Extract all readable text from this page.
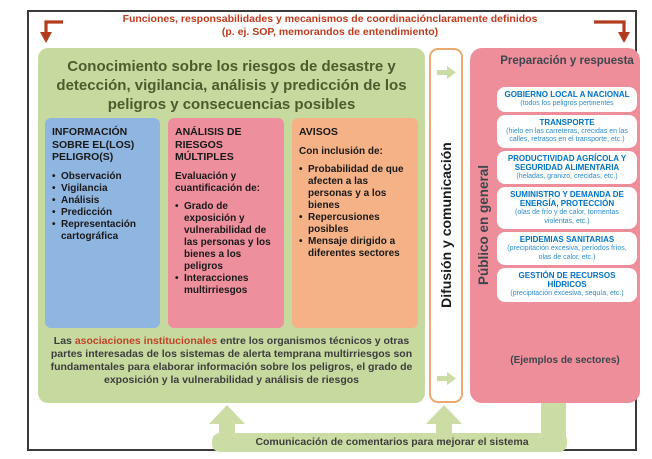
Funciones, responsabilidades y mecanismos de coordinaciónclaramente definidos
(p. ej. SOP, memorandos de entendimiento)
Conocimiento sobre los riesgos de desastre y detección, vigilancia, análisis y predicción de los peligros y consecuencias posibles
INFORMACIÓN SOBRE EL(LOS) PELIGRO(S)
• Observación
• Vigilancia
• Análisis
• Predicción
• Representación cartográfica
ANÁLISIS DE RIESGOS MÚLTIPLES
Evaluación y cuantificación de:
• Grado de exposición y vulnerabilidad de las personas y los bienes a los peligros
• Interacciones multirriesgos
AVISOS
Con inclusión de:
• Probabilidad de que afecten a las personas y a los bienes
• Repercusiones posibles
• Mensaje dirigido a diferentes sectores
Las asociaciones institucionales entre los organismos técnicos y otras partes interesadas de los sistemas de alerta temprana multirriesgos son fundamentales para elaborar información sobre los peligros, el grado de exposición y la vulnerabilidad y análisis de riesgos
Difusión y comunicación
Preparación y respuesta
GOBIERNO LOCAL A NACIONAL
(todos los peligros pertinentes
TRANSPORTE
(hielo en las carreteras, crecidas en las calles, retrasos en el transporte, etc.)
PRODUCTIVIDAD AGRÍCOLA Y SEGURIDAD ALIMENTARIA
(heladas, granizo, crecidas, etc.)
SUMINISTRO Y DEMANDA DE ENERGÍA, PROTECCIÓN
(olas de frío y de calor, tormentas violentas, etc.)
EPIDEMIAS SANITARIAS
(precipitación excesiva, períodos fríos, olas de calor, etc.)
GESTIÓN DE RECURSOS HÍDRICOS
(precipitación excesiva, sequía, etc.)
(Ejemplos de sectores)
Público en general
Comunicación de comentarios para mejorar el sistema
